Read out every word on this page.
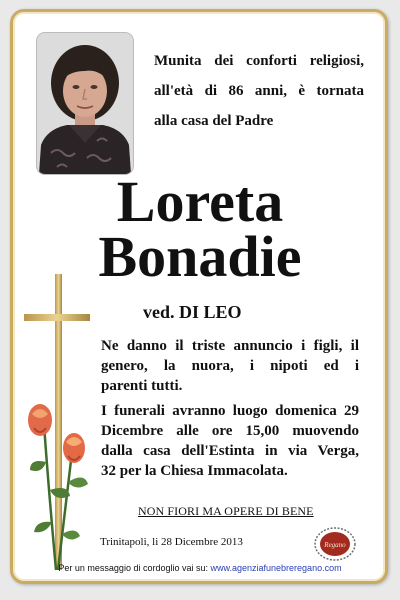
Munita dei conforti religiosi,
all'età di 86 anni, è tornata
alla casa del Padre
Loreta
Bonadie
ved. DI LEO
Ne danno il triste annuncio i figli, il
genero, la nuora, i nipoti ed i
parenti tutti.
I funerali avranno luogo domenica 29
Dicembre alle ore 15,00 muovendo
dalla casa dell'Estinta in via Verga,
32 per la Chiesa Immacolata.
NON FIORI MA OPERE DI BENE
Trinitapoli, li 28 Dicembre 2013	Regano
Per un messaggio di cordoglio vai su: www.agenziafunebreregano.com
